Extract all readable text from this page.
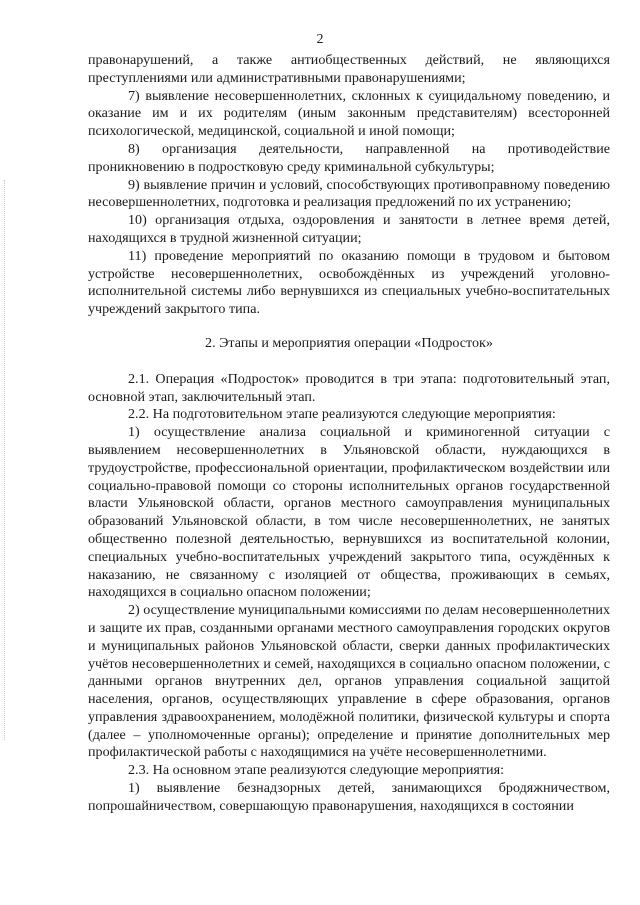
2

правонарушений, а также антиобщественных действий, не являющихся преступлениями или административными правонарушениями;

7) выявление несовершеннолетних, склонных к суицидальному поведению, и оказание им и их родителям (иным законным представителям) всесторонней психологической, медицинской, социальной и иной помощи;

8) организация деятельности, направленной на противодействие проникновению в подростковую среду криминальной субкультуры;

9) выявление причин и условий, способствующих противоправному поведению несовершеннолетних, подготовка и реализация предложений по их устранению;

10) организация отдыха, оздоровления и занятости в летнее время детей, находящихся в трудной жизненной ситуации;

11) проведение мероприятий по оказанию помощи в трудовом и бытовом устройстве несовершеннолетних, освобождённых из учреждений уголовно-исполнительной системы либо вернувшихся из специальных учебно-воспитательных учреждений закрытого типа.

2. Этапы и мероприятия операции «Подросток»

2.1. Операция «Подросток» проводится в три этапа: подготовительный этап, основной этап, заключительный этап.

2.2. На подготовительном этапе реализуются следующие мероприятия:

1) осуществление анализа социальной и криминогенной ситуации с выявлением несовершеннолетних в Ульяновской области, нуждающихся в трудоустройстве, профессиональной ориентации, профилактическом воздействии или социально-правовой помощи со стороны исполнительных органов государственной власти Ульяновской области, органов местного самоуправления муниципальных образований Ульяновской области, в том числе несовершеннолетних, не занятых общественно полезной деятельностью, вернувшихся из воспитательной колонии, специальных учебно-воспитательных учреждений закрытого типа, осуждённых к наказанию, не связанному с изоляцией от общества, проживающих в семьях, находящихся в социально опасном положении;

2) осуществление муниципальными комиссиями по делам несовершеннолетних и защите их прав, созданными органами местного самоуправления городских округов и муниципальных районов Ульяновской области, сверки данных профилактических учётов несовершеннолетних и семей, находящихся в социально опасном положении, с данными органов внутренних дел, органов управления социальной защитой населения, органов, осуществляющих управление в сфере образования, органов управления здравоохранением, молодёжной политики, физической культуры и спорта (далее – уполномоченные органы); определение и принятие дополнительных мер профилактической работы с находящимися на учёте несовершеннолетними.

2.3. На основном этапе реализуются следующие мероприятия:

1) выявление безнадзорных детей, занимающихся бродяжничеством, попрошайничеством, совершающую правонарушения, находящихся в состоянии
